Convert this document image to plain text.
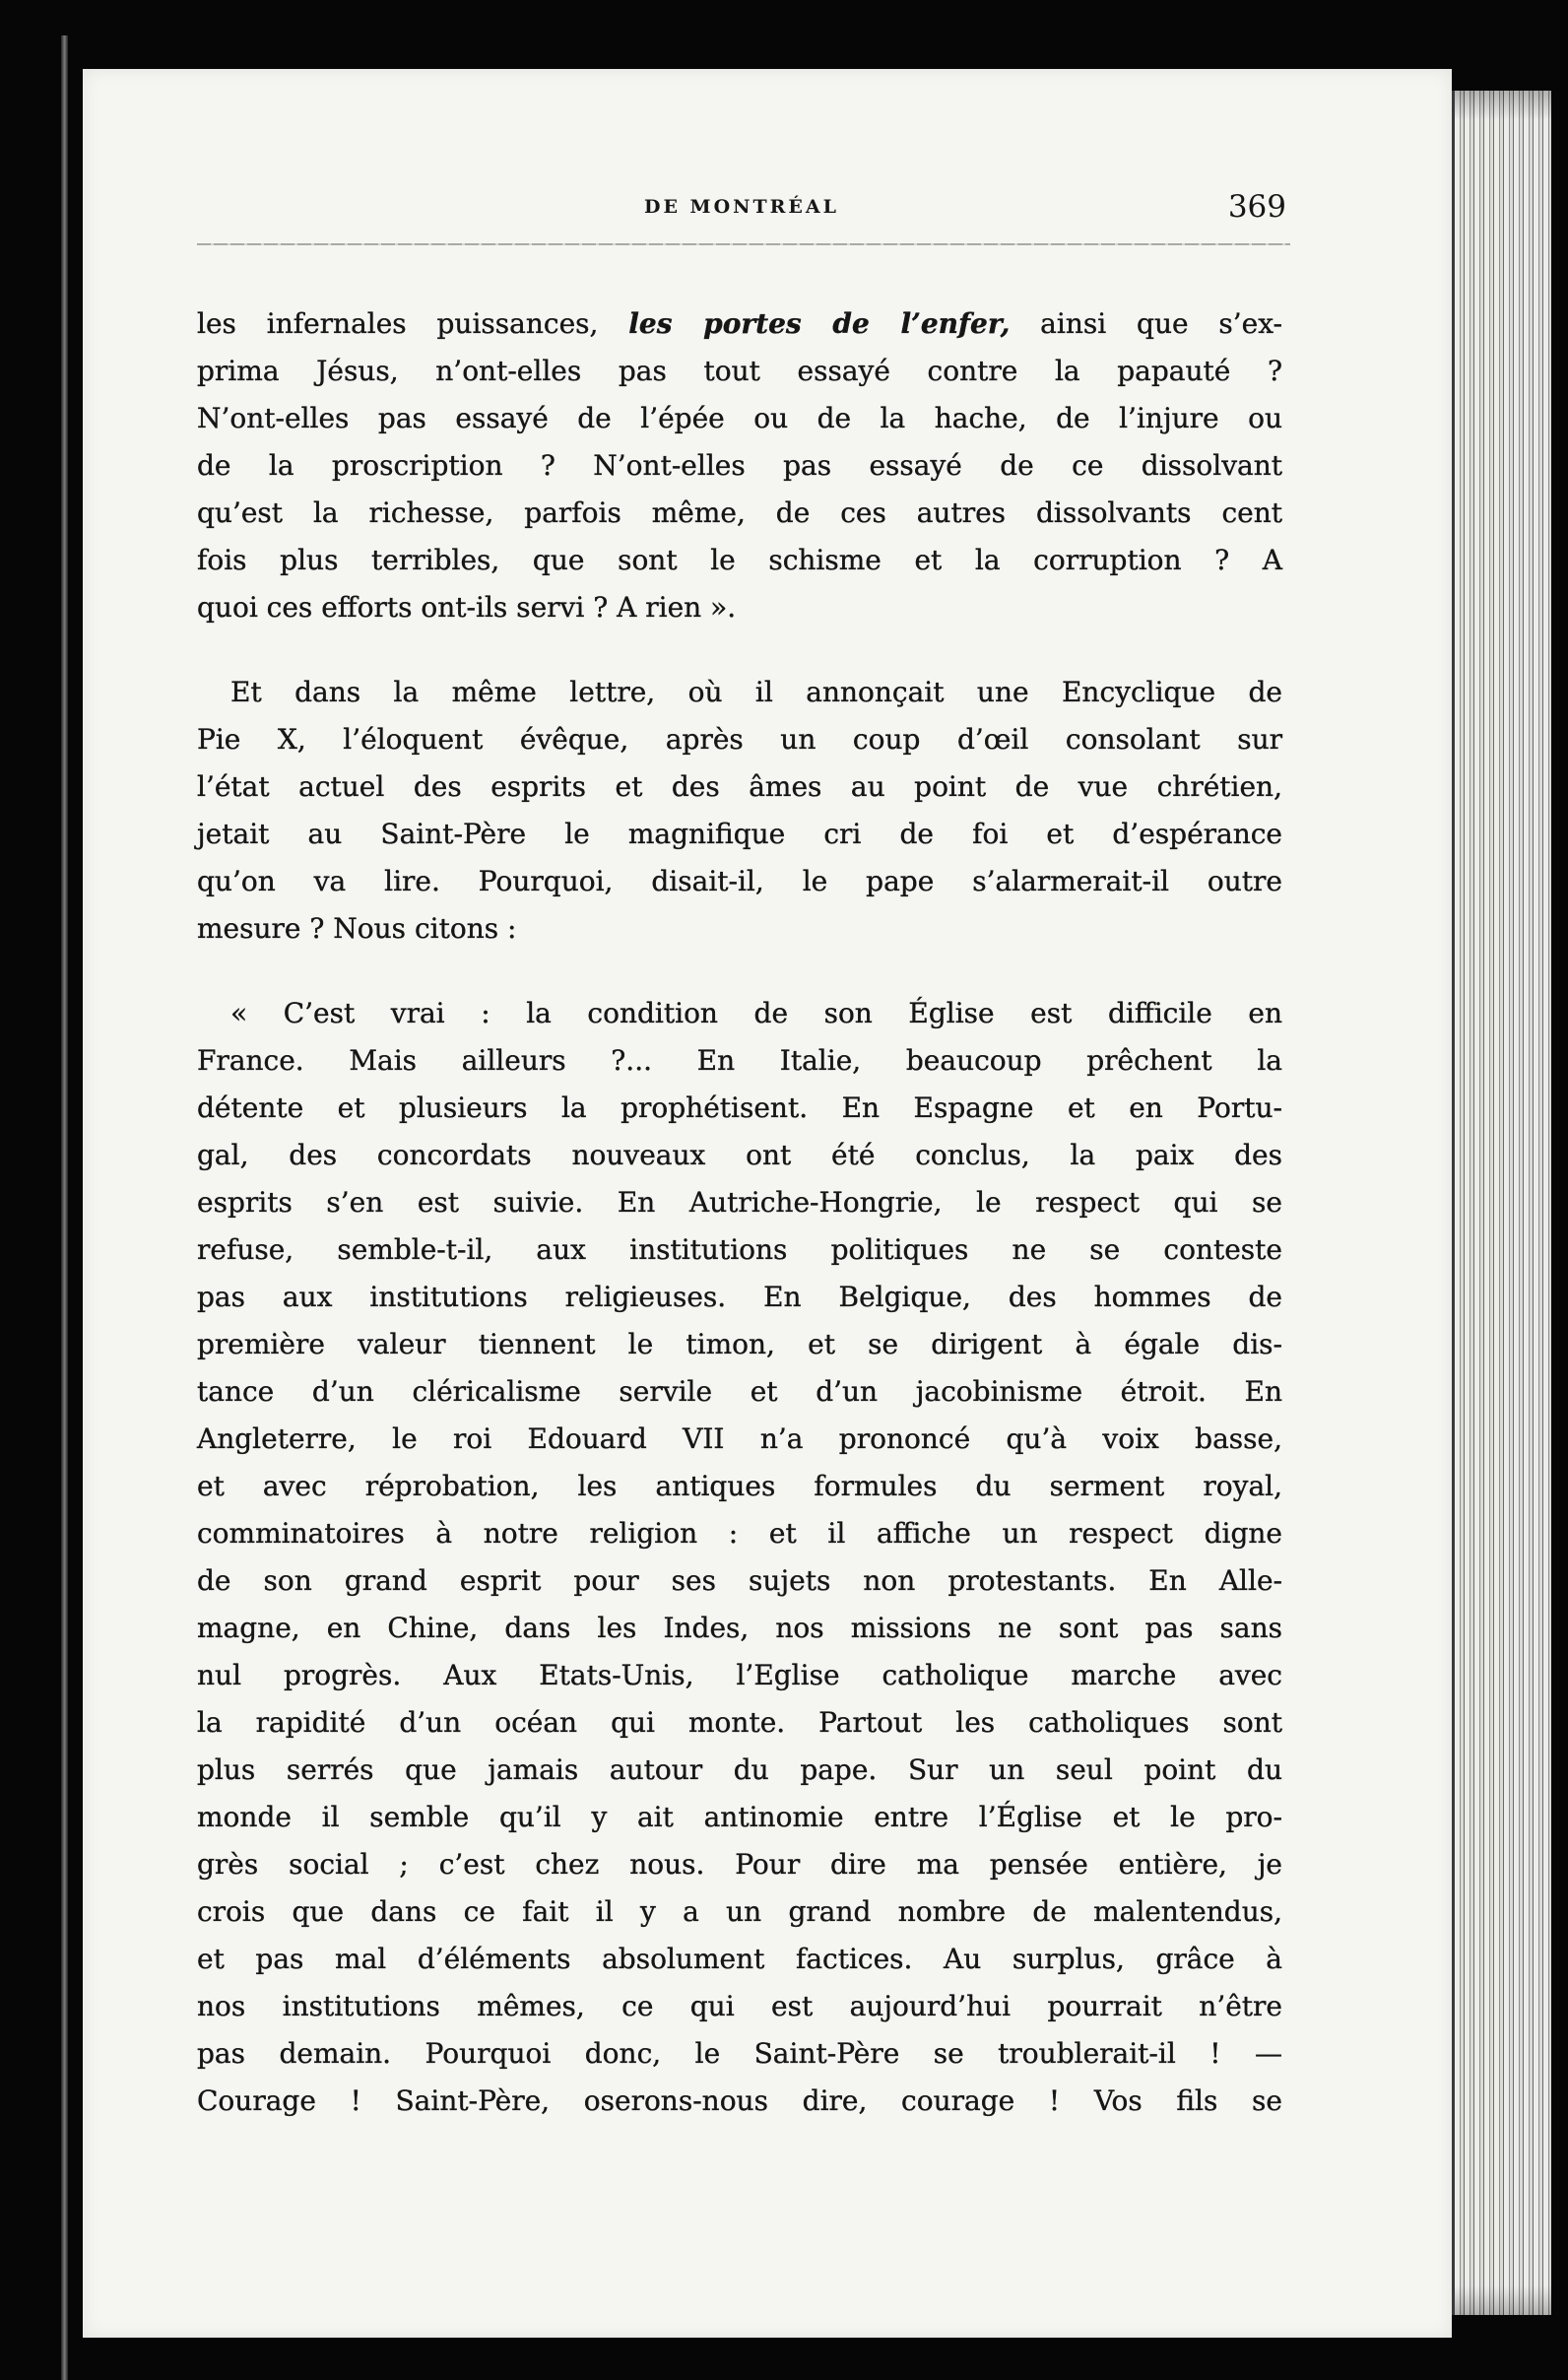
DE MONTRÉAL	369
les infernales puissances, les portes de l’enfer, ainsi que s’ex-
prima Jésus, n’ont-elles pas tout essayé contre la papauté ?
N’ont-elles pas essayé de l’épée ou de la hache, de l’injure ou
de la proscription ? N’ont-elles pas essayé de ce dissolvant
qu’est la richesse, parfois même, de ces autres dissolvants cent
fois plus terribles, que sont le schisme et la corruption ? A
quoi ces efforts ont-ils servi ? A rien ».
Et dans la même lettre, où il annonçait une Encyclique de
Pie X, l’éloquent évêque, après un coup d’œil consolant sur
l’état actuel des esprits et des âmes au point de vue chrétien,
jetait au Saint-Père le magnifique cri de foi et d’espérance
qu’on va lire. Pourquoi, disait-il, le pape s’alarmerait-il outre
mesure ? Nous citons :
« C’est vrai : la condition de son Église est difficile en
France. Mais ailleurs ?... En Italie, beaucoup prêchent la
détente et plusieurs la prophétisent. En Espagne et en Portu-
gal, des concordats nouveaux ont été conclus, la paix des
esprits s’en est suivie. En Autriche-Hongrie, le respect qui se
refuse, semble-t-il, aux institutions politiques ne se conteste
pas aux institutions religieuses. En Belgique, des hommes de
première valeur tiennent le timon, et se dirigent à égale dis-
tance d’un cléricalisme servile et d’un jacobinisme étroit. En
Angleterre, le roi Edouard VII n’a prononcé qu’à voix basse,
et avec réprobation, les antiques formules du serment royal,
comminatoires à notre religion : et il affiche un respect digne
de son grand esprit pour ses sujets non protestants. En Alle-
magne, en Chine, dans les Indes, nos missions ne sont pas sans
nul progrès. Aux Etats-Unis, l’Eglise catholique marche avec
la rapidité d’un océan qui monte. Partout les catholiques sont
plus serrés que jamais autour du pape. Sur un seul point du
monde il semble qu’il y ait antinomie entre l’Église et le pro-
grès social ; c’est chez nous. Pour dire ma pensée entière, je
crois que dans ce fait il y a un grand nombre de malentendus,
et pas mal d’éléments absolument factices. Au surplus, grâce à
nos institutions mêmes, ce qui est aujourd’hui pourrait n’être
pas demain. Pourquoi donc, le Saint-Père se troublerait-il ! —
Courage ! Saint-Père, oserons-nous dire, courage ! Vos fils se
